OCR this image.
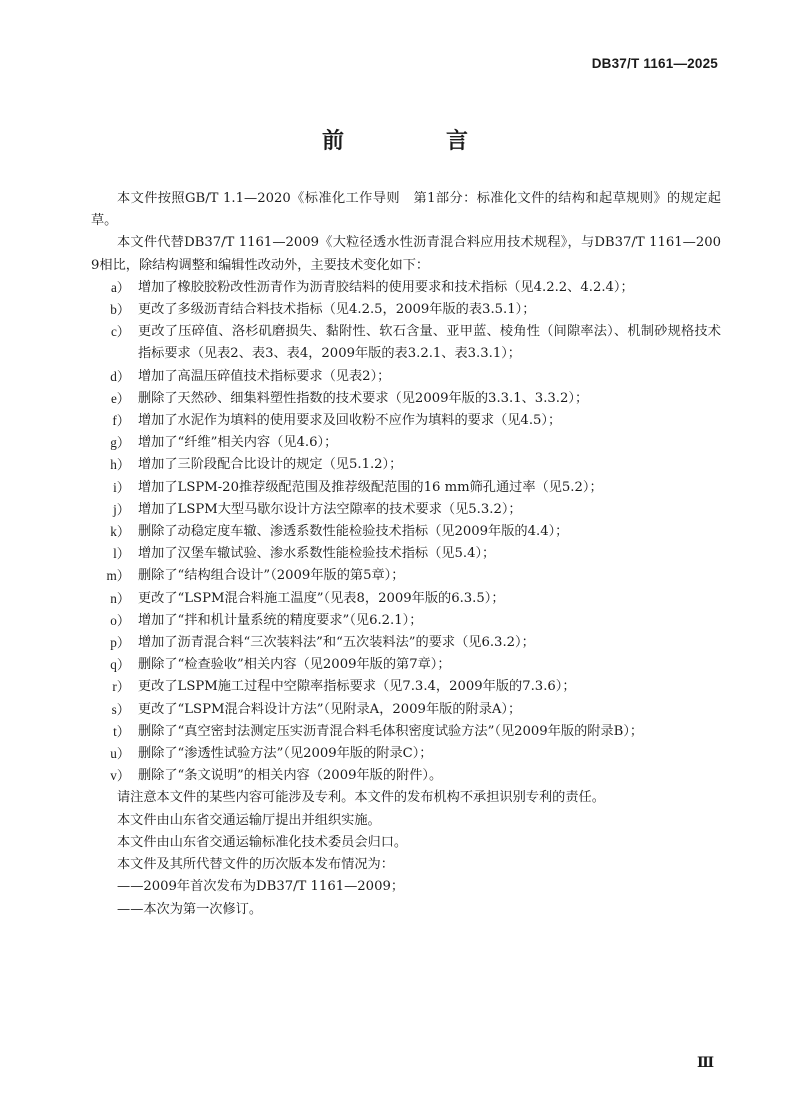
DB37/T 1161—2025
前　言

本文件按照GB/T 1.1—2020《标准化工作导则　第1部分：标准化文件的结构和起草规则》的规定起草。

本文件代替DB37/T 1161—2009《大粒径透水性沥青混合料应用技术规程》，与DB37/T 1161—2009相比，除结构调整和编辑性改动外，主要技术变化如下：

a） 增加了橡胶胶粉改性沥青作为沥青胶结料的使用要求和技术指标（见4.2.2、4.2.4）；
b） 更改了多级沥青结合料技术指标（见4.2.5，2009年版的表3.5.1）；
c） 更改了压碎值、洛杉矶磨损失、黏附性、软石含量、亚甲蓝、棱角性（间隙率法）、机制砂规格技术指标要求（见表2、表3、表4，2009年版的表3.2.1、表3.3.1）；
d） 增加了高温压碎值技术指标要求（见表2）；
e） 删除了天然砂、细集料塑性指数的技术要求（见2009年版的3.3.1、3.3.2）；
f） 增加了水泥作为填料的使用要求及回收粉不应作为填料的要求（见4.5）；
g） 增加了“纤维”相关内容（见4.6）；
h） 增加了三阶段配合比设计的规定（见5.1.2）；
i） 增加了LSPM-20推荐级配范围及推荐级配范围的16 mm筛孔通过率（见5.2）；
j） 增加了LSPM大型马歇尔设计方法空隙率的技术要求（见5.3.2）；
k） 删除了动稳定度车辙、渗透系数性能检验技术指标（见2009年版的4.4）；
l） 增加了汉堡车辙试验、渗水系数性能检验技术指标（见5.4）；
m） 删除了“结构组合设计”（2009年版的第5章）；
n） 更改了“LSPM混合料施工温度”（见表8，2009年版的6.3.5）；
o） 增加了“拌和机计量系统的精度要求”（见6.2.1）；
p） 增加了沥青混合料“三次装料法”和“五次装料法”的要求（见6.3.2）；
q） 删除了“检查验收”相关内容（见2009年版的第7章）；
r） 更改了LSPM施工过程中空隙率指标要求（见7.3.4，2009年版的7.3.6）；
s） 更改了“LSPM混合料设计方法”（见附录A，2009年版的附录A）；
t） 删除了“真空密封法测定压实沥青混合料毛体积密度试验方法”（见2009年版的附录B）；
u） 删除了“渗透性试验方法”（见2009年版的附录C）；
v） 删除了“条文说明”的相关内容（2009年版的附件）。

请注意本文件的某些内容可能涉及专利。本文件的发布机构不承担识别专利的责任。

本文件由山东省交通运输厅提出并组织实施。

本文件由山东省交通运输标准化技术委员会归口。

本文件及其所代替文件的历次版本发布情况为：

——2009年首次发布为DB37/T 1161—2009；

——本次为第一次修订。

Ⅲ
